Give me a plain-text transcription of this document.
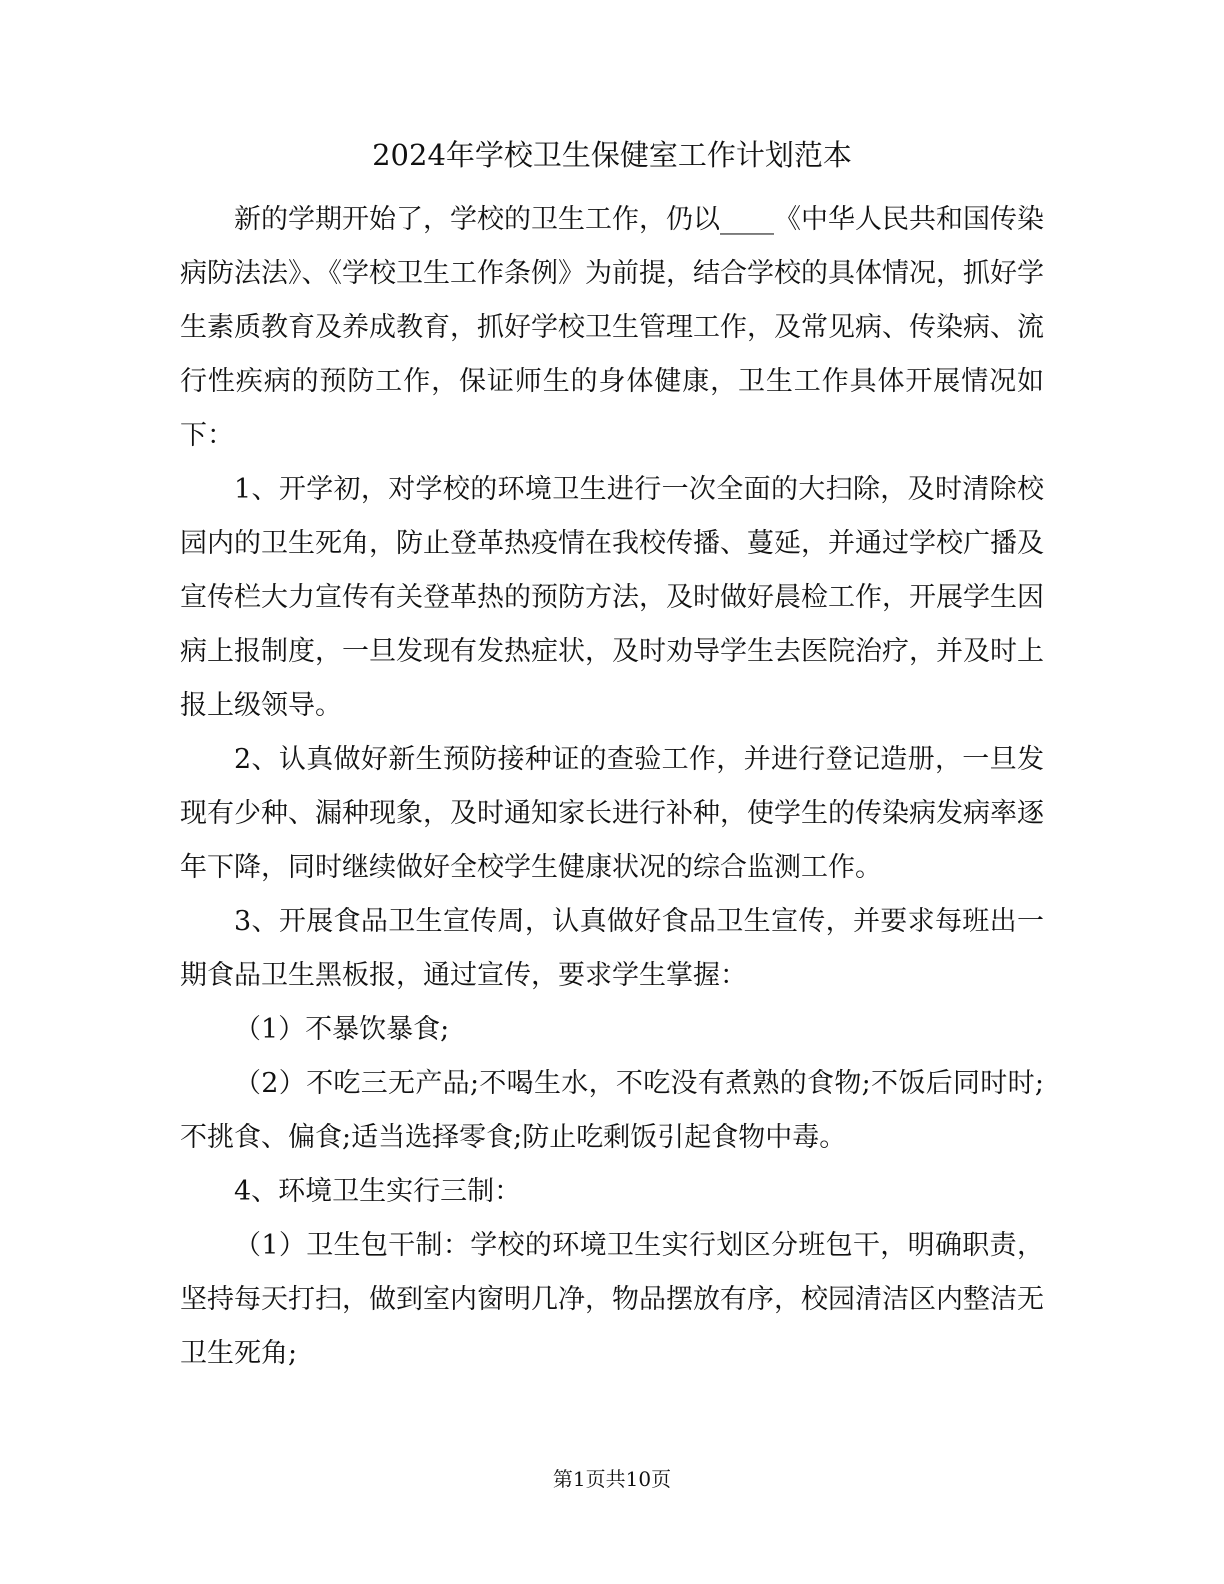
2024年学校卫生保健室工作计划范本

新的学期开始了，学校的卫生工作，仍以____《中华人民共和国传染病防法法》、《学校卫生工作条例》为前提，结合学校的具体情况，抓好学生素质教育及养成教育，抓好学校卫生管理工作，及常见病、传染病、流行性疾病的预防工作，保证师生的身体健康，卫生工作具体开展情况如下：

1、开学初，对学校的环境卫生进行一次全面的大扫除，及时清除校园内的卫生死角，防止登革热疫情在我校传播、蔓延，并通过学校广播及宣传栏大力宣传有关登革热的预防方法，及时做好晨检工作，开展学生因病上报制度，一旦发现有发热症状，及时劝导学生去医院治疗，并及时上报上级领导。

2、认真做好新生预防接种证的查验工作，并进行登记造册，一旦发现有少种、漏种现象，及时通知家长进行补种，使学生的传染病发病率逐年下降，同时继续做好全校学生健康状况的综合监测工作。

3、开展食品卫生宣传周，认真做好食品卫生宣传，并要求每班出一期食品卫生黑板报，通过宣传，要求学生掌握：

（1）不暴饮暴食;

（2）不吃三无产品;不喝生水，不吃没有煮熟的食物;不饭后同时时;不挑食、偏食;适当选择零食;防止吃剩饭引起食物中毒。

4、环境卫生实行三制：

（1）卫生包干制：学校的环境卫生实行划区分班包干，明确职责，坚持每天打扫，做到室内窗明几净，物品摆放有序，校园清洁区内整洁无卫生死角;

第1页共10页
